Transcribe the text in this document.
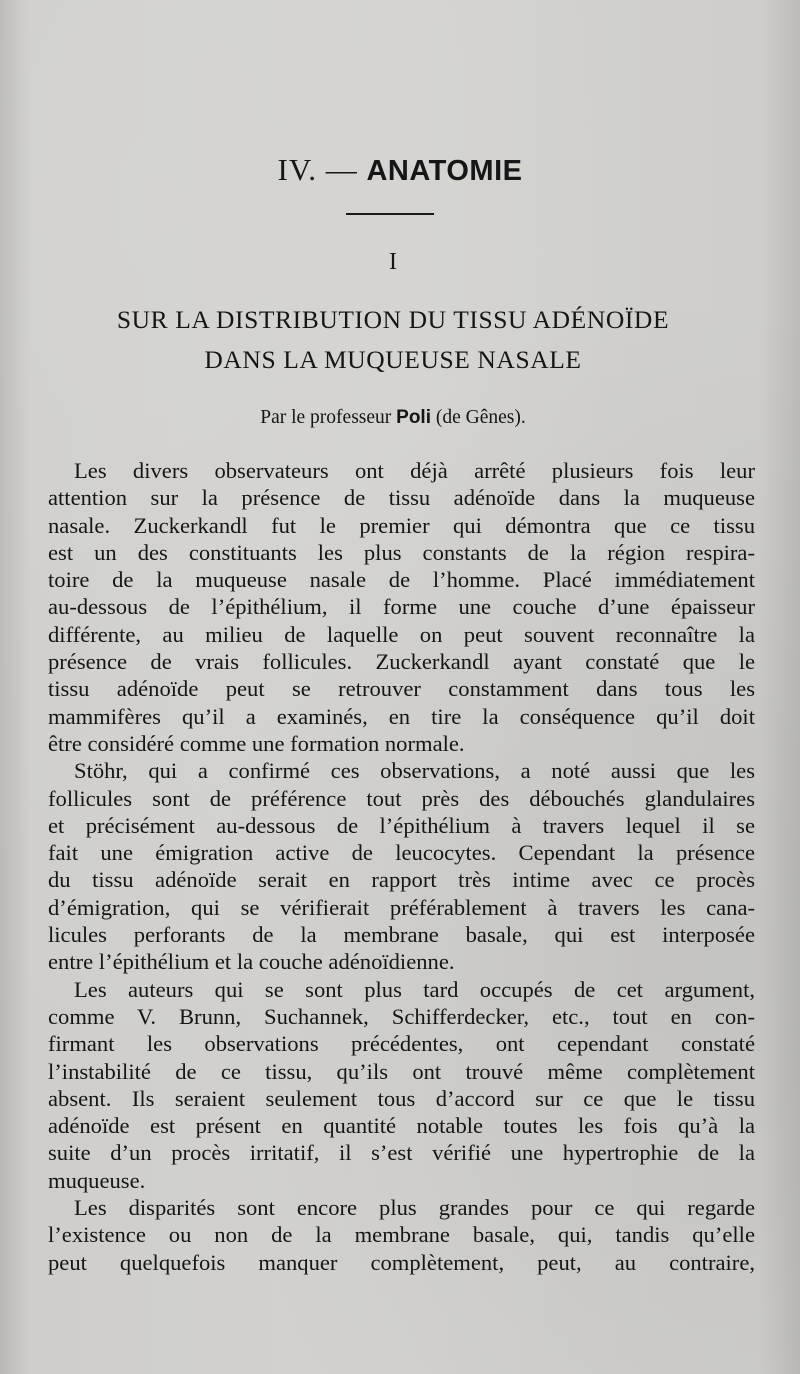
IV. — ANATOMIE
I
SUR LA DISTRIBUTION DU TISSU ADÉNOÏDE
DANS LA MUQUEUSE NASALE
Par le professeur Poli (de Gênes).
Les divers observateurs ont déjà arrêté plusieurs fois leur
attention sur la présence de tissu adénoïde dans la muqueuse
nasale. Zuckerkandl fut le premier qui démontra que ce tissu
est un des constituants les plus constants de la région respira-
toire de la muqueuse nasale de l’homme. Placé immédiatement
au-dessous de l’épithélium, il forme une couche d’une épaisseur
différente, au milieu de laquelle on peut souvent reconnaître la
présence de vrais follicules. Zuckerkandl ayant constaté que le
tissu adénoïde peut se retrouver constamment dans tous les
mammifères qu’il a examinés, en tire la conséquence qu’il doit
être considéré comme une formation normale.
Stöhr, qui a confirmé ces observations, a noté aussi que les
follicules sont de préférence tout près des débouchés glandulaires
et précisément au-dessous de l’épithélium à travers lequel il se
fait une émigration active de leucocytes. Cependant la présence
du tissu adénoïde serait en rapport très intime avec ce procès
d’émigration, qui se vérifierait préférablement à travers les cana-
licules perforants de la membrane basale, qui est interposée
entre l’épithélium et la couche adénoïdienne.
Les auteurs qui se sont plus tard occupés de cet argument,
comme V. Brunn, Suchannek, Schifferdecker, etc., tout en con-
firmant les observations précédentes, ont cependant constaté
l’instabilité de ce tissu, qu’ils ont trouvé même complètement
absent. Ils seraient seulement tous d’accord sur ce que le tissu
adénoïde est présent en quantité notable toutes les fois qu’à la
suite d’un procès irritatif, il s’est vérifié une hypertrophie de la
muqueuse.
Les disparités sont encore plus grandes pour ce qui regarde
l’existence ou non de la membrane basale, qui, tandis qu’elle
peut quelquefois manquer complètement, peut, au contraire,
